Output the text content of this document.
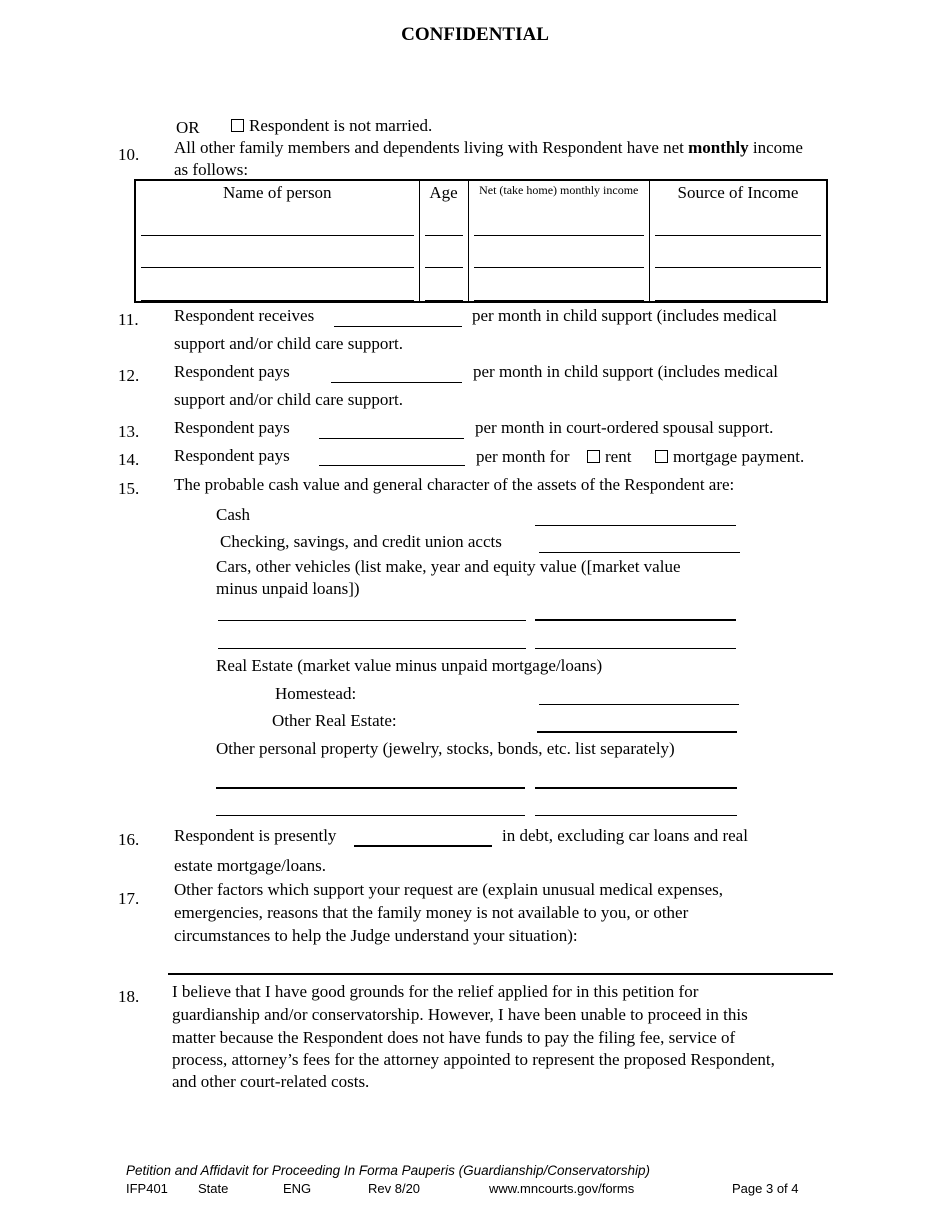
CONFIDENTIAL
OR	Respondent is not married.
10. All other family members and dependents living with Respondent have net monthly income
as follows:
Name of person	Age	Net (take home) monthly income	Source of Income

11. Respondent receives	per month in child support (includes medical
support and/or child care support.
12. Respondent pays	per month in child support (includes medical
support and/or child care support.
13. Respondent pays	per month in court-ordered spousal support.
14. Respondent pays	per month for	rent	mortgage payment.
15. The probable cash value and general character of the assets of the Respondent are:
Cash
Checking, savings, and credit union accts
Cars, other vehicles (list make, year and equity value ([market value
minus unpaid loans])
Real Estate (market value minus unpaid mortgage/loans)
Homestead:
Other Real Estate:
Other personal property (jewelry, stocks, bonds, etc. list separately)
16. Respondent is presently	in debt, excluding car loans and real
estate mortgage/loans.
17. Other factors which support your request are (explain unusual medical expenses,
emergencies, reasons that the family money is not available to you, or other
circumstances to help the Judge understand your situation):
18. I believe that I have good grounds for the relief applied for in this petition for
guardianship and/or conservatorship. However, I have been unable to proceed in this
matter because the Respondent does not have funds to pay the filing fee, service of
process, attorney’s fees for the attorney appointed to represent the proposed Respondent,
and other court-related costs.
Petition and Affidavit for Proceeding In Forma Pauperis (Guardianship/Conservatorship)
IFP401 State	ENG	Rev 8/20	www.mncourts.gov/forms	Page 3 of 4
